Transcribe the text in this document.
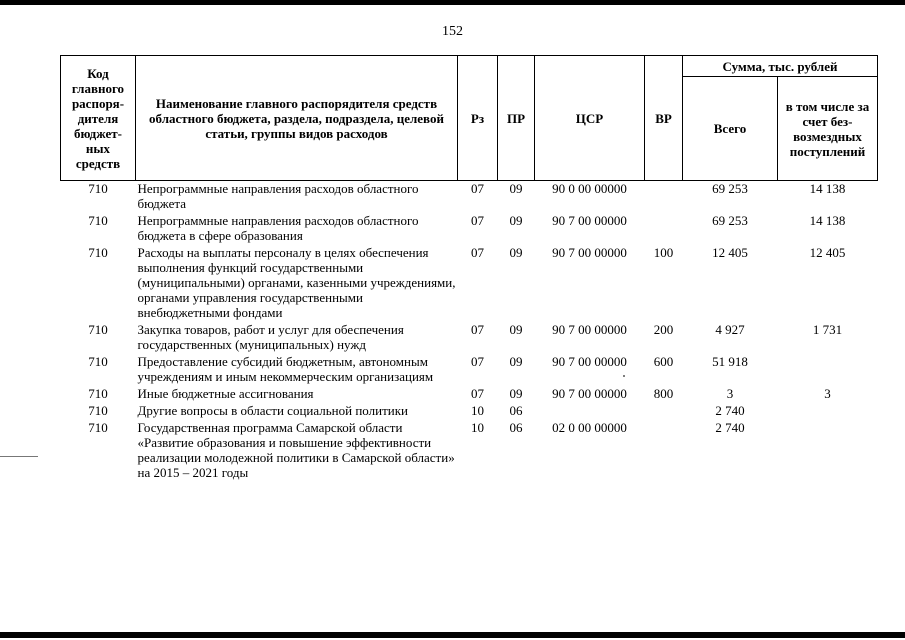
152
Код главного распоря-дителя бюджет-ных средств	Наименование главного распорядителя средств областного бюджета, раздела, подраздела, целевой статьи, группы видов расходов	Рз	ПР	ЦСР	ВР	Сумма, тыс. рублей	
						Всего	в том числе за счет без-возмездных поступлений
710	Непрограммные направления расходов областного бюджета	07	09	90 0 00 00000		69 253	14 138
710	Непрограммные направления расходов областного бюджета в сфере образования	07	09	90 7 00 00000		69 253	14 138
710	Расходы на выплаты персоналу в целях обеспечения выполнения функций государственными (муниципальными) органами, казенными учреждениями, органами управления государственными внебюджетными фондами	07	09	90 7 00 00000	100	12 405	12 405
710	Закупка товаров, работ и услуг для обеспечения государственных (муниципальных) нужд	07	09	90 7 00 00000	200	4 927	1 731
710	Предоставление субсидий бюджетным, автономным учреждениям и иным некоммерческим организациям	07	09	90 7 00 00000	600	51 918	
710	Иные бюджетные ассигнования	07	09	90 7 00 00000	800	3	3
710	Другие вопросы в области социальной политики	10	06			2 740	
710	Государственная программа Самарской области «Развитие образования и повышение эффективности реализации молодежной политики в Самарской области» на 2015 – 2021 годы	10	06	02 0 00 00000		2 740	
